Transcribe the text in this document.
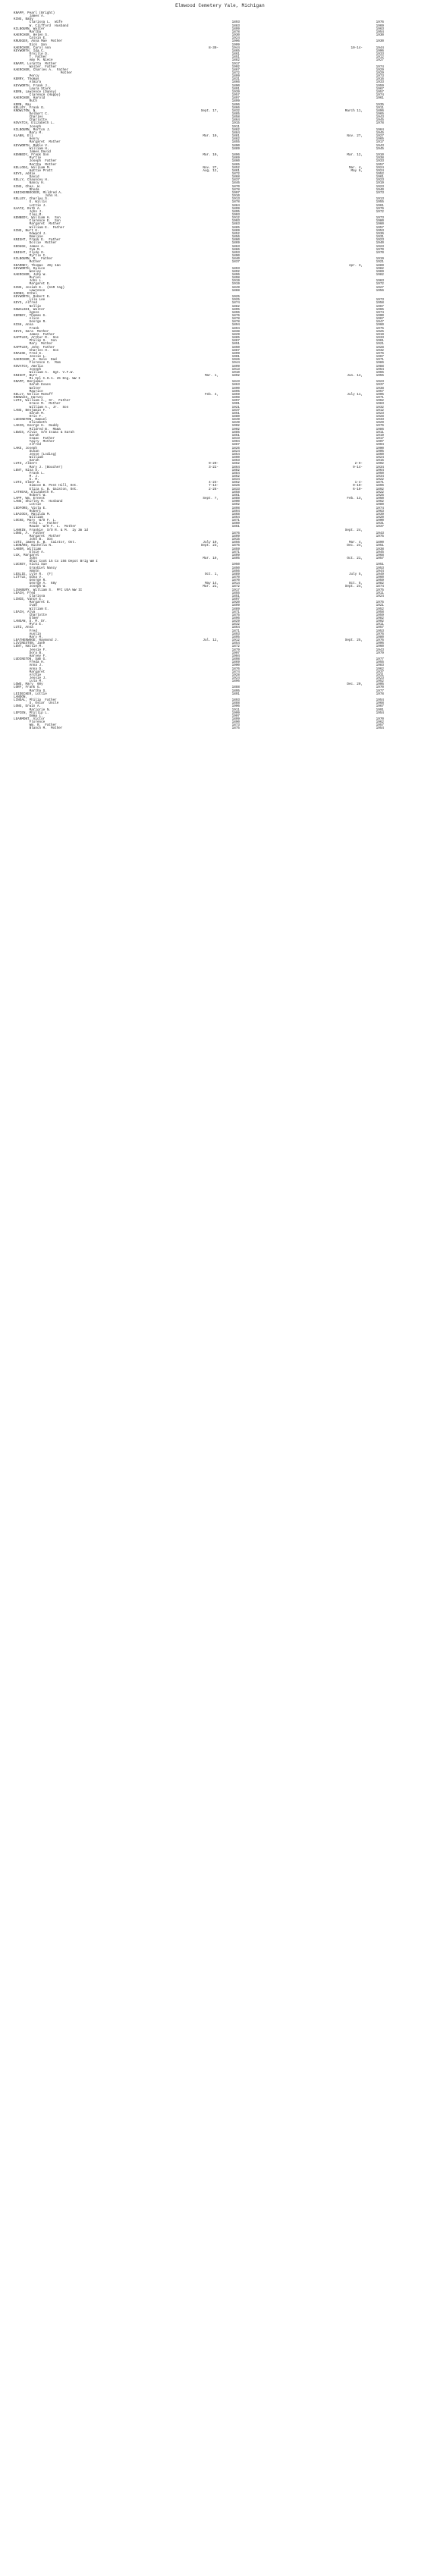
Elmwood Cemetery Yale, Michigan
KNAPP, Pearl (Bright)
James A.
KING, Baby
Clarissa L.  Wife	1893	1976
W. Clifford  Husband	1883	1969
KILBOURN, Walter	1899	1963
Martha	1878	1954
KAERCHER, Helen S.	1930	1930
Calvin E.	1924
KRUEGER, Anna Mae  Mother	1906	1930
Dick  Son	1909
KAERCHER, Carol Ann	8-30-	1944	10-14-	1944
KEYWORTH, Ida C.	1865	1906
Orville D.	1861	1933
T. Father	1851	1912
Amy M. Niece	1882	1927
KNAPP, Loretta  Mother	1917
Walter  Father	1902	1974
KAERCHER, Charles A.  Father	1867	1929
Mother	1872	1929
Percy	1899	1973
KERRY, Thomas	1831	1916
Almira	1866	1933
KEYWORTH, Frank J.	1890	1959
Laura Stark	1891	1967
KERN, Lawrence (Danny)	1939	1957
Clarence (Happy)	1957	1974
KAERCHER, Harold	1897	1961
Ruth	1899
KERN, May	1896	1935
KELLEY, Frank O.	1866	1911
KNOWLTON, N.	Sept. 17,	1832	March 11,	1896
Delbert C.	1885	1965
Charles	1858	1943
Charlotte	1864	1945
KOVATCH, Elizabeth L.	1915	1978
Joseph	1911
KILBOURN, Morton J.	1882	1964
Mary M.	1884	1945
KLANN, Eli	Mar. 10,	1881	Nov. 27,	1927
Henry	1882	1965
Margaret  Mother	1855	1917
KEYWORTH, Mable V.	1890	1943
William H.	1889	1945
James David
KENNEDY, Frank Son	Mar. 10,	1896	Mar. 12,	1910
Myrtle	1869	1938
Joseph  Father	1860	1933
Martha  Mother	1865	1957
KELLOGG, William M.	Nov. 27,	1852	Mar. 4,	1924
Hattie Pratt	Aug. 12,	1861	May 6,	1924
KEYS, Addie	1872	1952
David	1868	1961
KELLY, Chauncey H.	1837	1923
Nancy H.	1846	1919
KING, Chas. W.	1870	1923
Rhoda	1878	1940
KNICKERBOCKER, Mildred A.	1907	1973
John H.	1910
KELLEY, Charles S.	1913	1913
G. Willis	1878	1955
Lottie J.	1884	1961
KAATZ, Ruth A.	1899	1976
John J.	1895	1972
Cleo M.	1903
KENNEDY, William H.  Son	1912	1973
Clarence E.  Son	1903	1980
Margaret  Mother	1883	1960
William E.  Father	1885	1957
KING, Burt G.	1889	1953
Edward J.	1852	1936
Emeline	1856	1931
KNIGHT, Frank E.  Father	1860	1923
Dollie  Mother	1869	1940
KEOUGH, James A.	1863	1923
Iva M.	1886	1970
KNIGHT, Clyde O.	1893	1970
Myrtle I.	1890
KILBOURN, R.  Father	1840	1919
Mother	1837	1921
KEARNEY, Thomas  49y 1mo	Apr. 3,	1889
KEYWORTH, Dulice	1893	1982
Wesley	1892	1969
KAERCHER, John W.	1896	1982
Muriel	1898
John L.	1919	1963
Margaret E.	1919	1972
KING, Josiah E.  (GAR tag)	1849	1927
Lawrence	1888	1956
KOONS, Ethel
KEYWORTH, Robert E.	1925
Lila Lee	1925	1973
KEYS, Alfred	1874	1958
Nellie	1882	1967
KOWALSKI, Walter	1895	1965
Agnes	1896	1974
KERNEY, Thomas G.	1876	1900
Alice	1878	1967
George R.	1878	1947
KISH, Anna	1894	1960
Frank	1894	1975
KEYS, Sara  Mother	1838	1925
James  Father	1829	1919
KAPPLER, Arthur R.  Son	1885	1933
Philip S.  Son	1887	1961
Mary  Mother	1851	1921
KAPPLER, John  Father	1850	1928
Charles H.  Son	1887	1932
KRAUSE, Fred G.	1899	1976
Jessie L.	1901	1967
KAERCHER, E. Dale  Dad	1926	1971
Florence C.  Mom	1944	1986
KOVATCH, Amelia	1899	1988
Joseph	1913	1964
William A.  Sgt. V.F.W.	1910	1965
KNIGHT, Burt	Mar. 1,	1892	Jun. 14,	1955
Mi Cpl C.O.A. 25 Eng. WW I
KNAPP, Benjamin	1843	1923
Sarah Evans	1863	1937
Walter	1890	1938
Maurice	1895	1957
KELLY, Nellie McDuff	Feb. 4,	1859	July 11,	1905
KNOWLES, Harvey	1898	1971
LUTZ, William A., Sr.  Father	1897	1962
Grace M.  Mother	1901	1983
William A., Jr.  Son	1921	1932
LANG, Benjamin F.	1837	1912
Sarah M.	1851	1923
Orin F.	1880	1928
LUDINGTON, Samuel	1849	1933
Elizabeth	1849	1929
LAKIN, George H.  Daddy	1902	1976
Mildred B.  Mama	1902	1986
LEWIS, Alvin  S/O Isaac & Sarah	1885	1911
Sarah	1851	1919
Isaac  Father	1843	1917
Tairy  Mother	1904	1907
Alfred	1887	1904
LAKE, Joseph	1826	1900
Susan	1824	1905
Jesse (Loding)	1854	1860
William	1860	1924
Sarah	1863	1915
LUTZ, Albert	9-20-	1862	2-9-	1902
Mary J. (Boucher)	3-22-	1864	9-14-	1934
LENT, Nina S.	1882	1964
Frank L.	1884	1950
M. J.	1862	1934
G. M.	1834	1922
LUTZ, Elmer E.	4-23-	1862	1-4-	1871
Simcoe B. Pent Hill, Ont.	7-13-	1826	9-10-	1896
Eliza G. B. Gaiston, Ont.	2-28-	1833	6-10-	1892
LATHEAN, Elizabeth R.	1858	1922
Robert W.	1861	1926
LAPP, Wm. Ernest	Sept. 7,	1888	Feb. 13,	1950
LANE, Shirley M.  Husband	1900	1962
Lottie	1892	1980
LEDFORD, Viola E.	1898	1974
Robert	1894	1963
LEACOCK, Matilda M.	1868	1939
William	1864	1920
LOCKE, Mary  W/O F. L.	1871	1900
Fred L.  Father	1860	1931
Maude  W/O F. L.  Mother	1861	1937
LANKIN, Frankie  S/O R. & M.  2y 3m 1d	Sept. 24,
LONG, A.  Father	1876	1943
Margaret  Mother	1899	1975
John B.  Son	1915
LUTZ, James E. B.  Caistor, Ont.	July 10,	1856	Mar. 4,	1890
LEONARD, Nichella N.	Sept. 23,	1876	Dec. 24,	1951
LABOR, William	1859	1938
Elsie A.	1871	1945
LUX, Margaret	1899	1968
John	Mar. 19,	1895	Oct. 21,	1957
Ohio Cook 15 Co 156 Depot Brig WW I
LUCKEY, Vicki Sue	1950	1951
Graybiel Nancy	1850	1953
Amnon	1856	1944
LESLIE, Lyle R.  (F)	Oct. 1,	1889	July 5,	1949
LITTLE, Edna V.	1870	1960
George R.	1870	1959
George A.  68y	May 14,	1914	Oct. 5,	1982
Joseph W.	Mar. 21,	1872	Sept. 24,	1874
LINABURY, William S.  PFC USA WW II	1917	1975
LEACH, Fred	1855	1911
Clarissa	1851	1924
LINCE, Vance E.	1897
Margaret E.	1920	1975
Ivah	1899	1921
William E.	1889	1952
LEACH, Alva	1871	1958
Charlotte	1875	1959
Elmer	1896	1982
LANGAN, D. M. Dr.	1829	1902
Myra E.	1832	1911
LUTZ, Anna	1864	1957
Fred	1871	1953
Austin	1893	1976
Mary M.	1895	1980
LEATHERWOOD, Raymond J.	Jul. 12,	1912	Sept. 25,	1976
LIVINGSTON, Jane	1854	1906
LENT, Hattie M.	1872	1960
Jessie F.	1879	1943
Dora B.	1907	1979
Harvey F.	1904
LUDINGTON, Sam G.	1898	1977
Freda H.	1869	1955
Anna J.	1900	1983
Anna D.	1876	1962
Margaret	1874	1937
Archie	1928	1931
Jessie J.	1924	1923
Lula M.	1896	1952
LOWE, Mary  60y	Dec. 20,	1905
LORF, Frank G.	1888	1970
Martha S.	1895	1977
LEIDECKER, Lottie	1891	1978
LANDON,
LINDAL, Philip  Father	1893	1954
S. Oscar  Uncle	1888	1968
LONG, Erwin A.	1906	1967
Marjorie N.	1911	1991
LEPIEN, Phillip L.	1909	1954
Emma L.	1907
LEARMONT, Victor	1899	1970
Florence	1890	1962
Wm. R.  Father	1873	1957
Blanch M.  Mother	1875	1954
